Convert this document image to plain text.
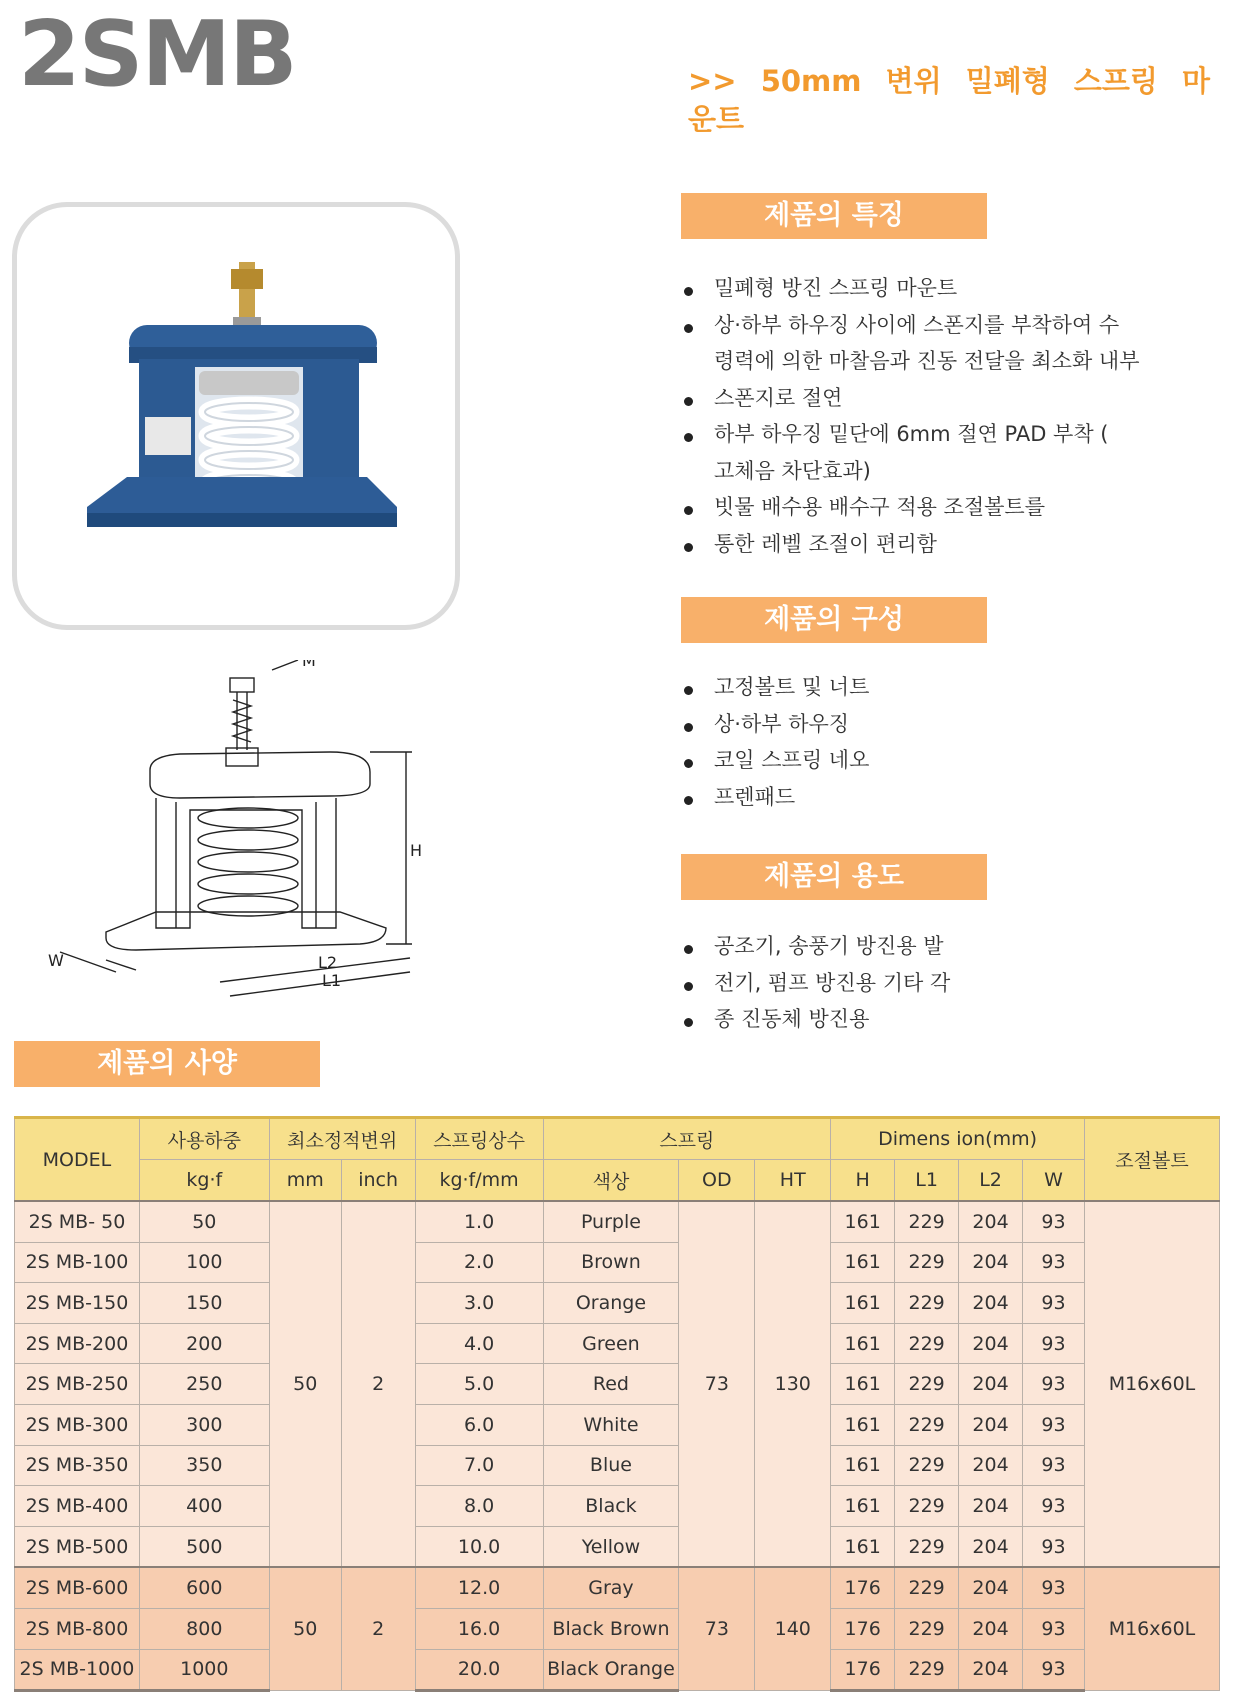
2SMB	>> 50mm 변위 밀폐형 스프링 마운트
M
H
W	L2
L1
제품의 특징
밀폐형 방진 스프링 마운트
상·하부 하우징 사이에 스폰지를 부착하여 수
령력에 의한 마찰음과 진동 전달을 최소화 내부
스폰지로 절연
하부 하우징 밑단에 6mm 절연 PAD 부착 (
고체음 차단효과)
빗물 배수용 배수구 적용 조절볼트를
통한 레벨 조절이 편리함
제품의 구성
고정볼트 및 너트
상·하부 하우징
코일 스프링 네오
프렌패드
제품의 용도
공조기, 송풍기 방진용 발
전기, 펌프 방진용 기타 각
종 진동체 방진용
제품의 사양
MODEL	사용하중	최소정적변위		스프링상수	스프링			Dimens ion(mm)				조절볼트
	kg·f	mm	inch	kg·f/mm	색상	OD	HT	H	L1	L2	W	
2S MB- 50	50	50	2	1.0	Purple	73	130	161	229	204	93	M16x60L
2S MB-100	100			2.0	Brown			161	229	204	93	
2S MB-150	150			3.0	Orange			161	229	204	93	
2S MB-200	200			4.0	Green			161	229	204	93	
2S MB-250	250			5.0	Red			161	229	204	93	
2S MB-300	300			6.0	White			161	229	204	93	
2S MB-350	350			7.0	Blue			161	229	204	93	
2S MB-400	400			8.0	Black			161	229	204	93	
2S MB-500	500			10.0	Yellow			161	229	204	93	
2S MB-600	600	50	2	12.0	Gray	73	140	176	229	204	93	M16x60L
2S MB-800	800			16.0	Black Brown			176	229	204	93	
2S MB-1000	1000			20.0	Black Orange			176	229	204	93	
